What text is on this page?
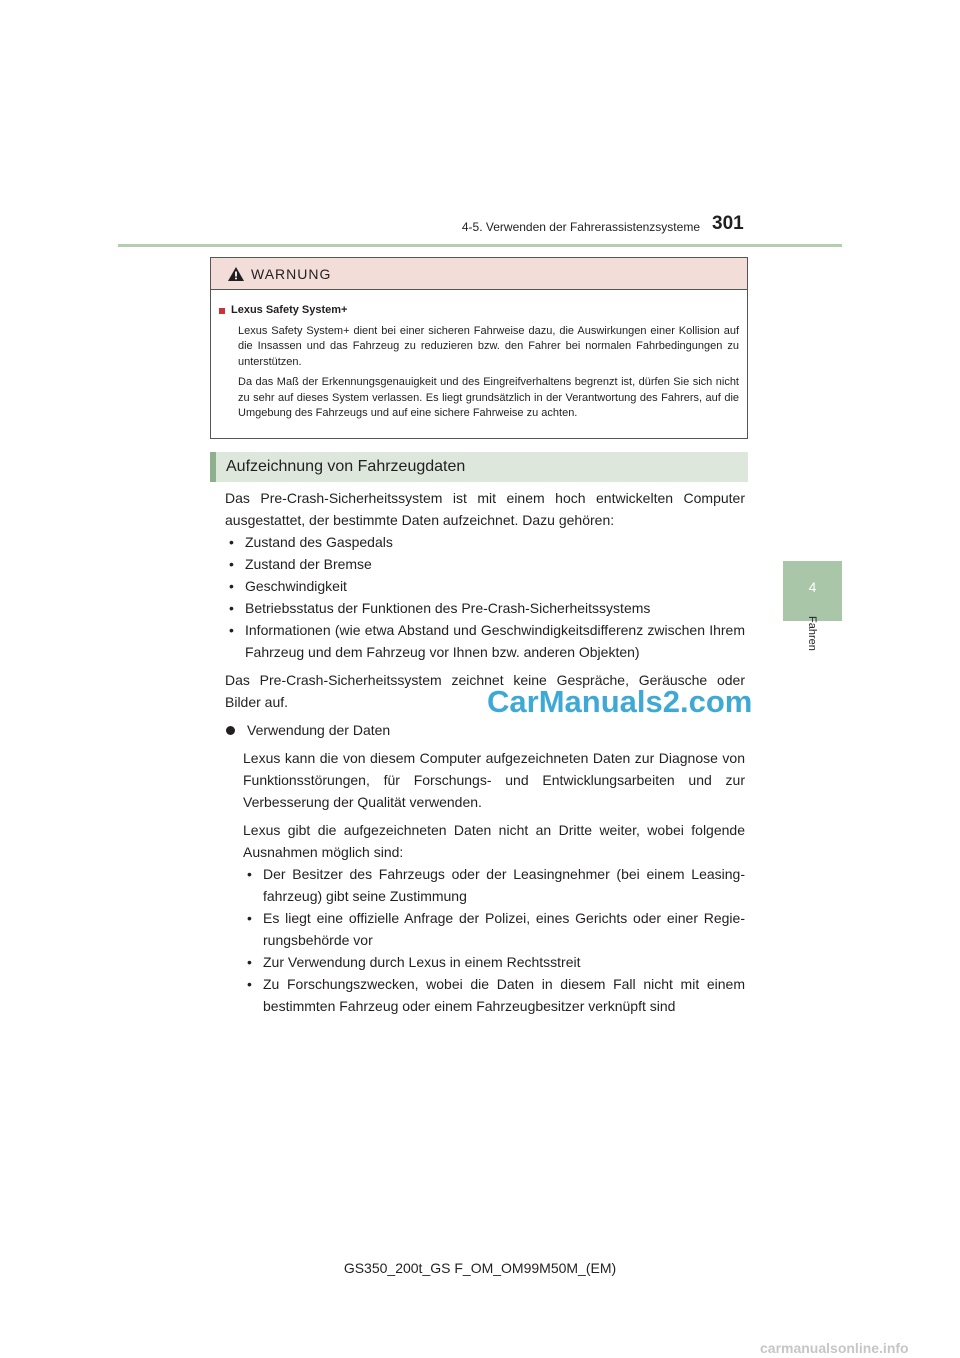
4-5. Verwenden der Fahrerassistenzsysteme 301
4
Fahren
WARNUNG
Lexus Safety System+

Lexus Safety System+ dient bei einer sicheren Fahrweise dazu, die Auswirkungen einer Kollision auf die Insassen und das Fahrzeug zu reduzieren bzw. den Fahrer bei normalen Fahrbedingungen zu unterstützen.

Da das Maß der Erkennungsgenauigkeit und des Eingreifverhaltens begrenzt ist, dürfen Sie sich nicht zu sehr auf dieses System verlassen. Es liegt grundsätzlich in der Verantwortung des Fahrers, auf die Umgebung des Fahrzeugs und auf eine sichere Fahrweise zu achten.

Aufzeichnung von Fahrzeugdaten

Das Pre-Crash-Sicherheitssystem ist mit einem hoch entwickelten Computer ausgestattet, der bestimmte Daten aufzeichnet. Dazu gehören:

• Zustand des Gaspedals
• Zustand der Bremse
• Geschwindigkeit
• Betriebsstatus der Funktionen des Pre-Crash-Sicherheitssystems
• Informationen (wie etwa Abstand und Geschwindigkeitsdifferenz zwischen Ihrem Fahrzeug und dem Fahrzeug vor Ihnen bzw. anderen Objekten)

Das Pre-Crash-Sicherheitssystem zeichnet keine Gespräche, Geräusche oder Bilder auf.

Verwendung der Daten

Lexus kann die von diesem Computer aufgezeichneten Daten zur Diagnose von Funktionsstörungen, für Forschungs- und Entwicklungsarbeiten und zur Verbesserung der Qualität verwenden.

Lexus gibt die aufgezeichneten Daten nicht an Dritte weiter, wobei folgende Ausnahmen möglich sind:

• Der Besitzer des Fahrzeugs oder der Leasingnehmer (bei einem Leasing-fahrzeug) gibt seine Zustimmung
• Es liegt eine offizielle Anfrage der Polizei, eines Gerichts oder einer Regie-rungsbehörde vor
• Zur Verwendung durch Lexus in einem Rechtsstreit
• Zu Forschungszwecken, wobei die Daten in diesem Fall nicht mit einem bestimmten Fahrzeug oder einem Fahrzeugbesitzer verknüpft sind
CarManuals2.com
GS350_200t_GS F_OM_OM99M50M_(EM)
carmanualsonline.info
